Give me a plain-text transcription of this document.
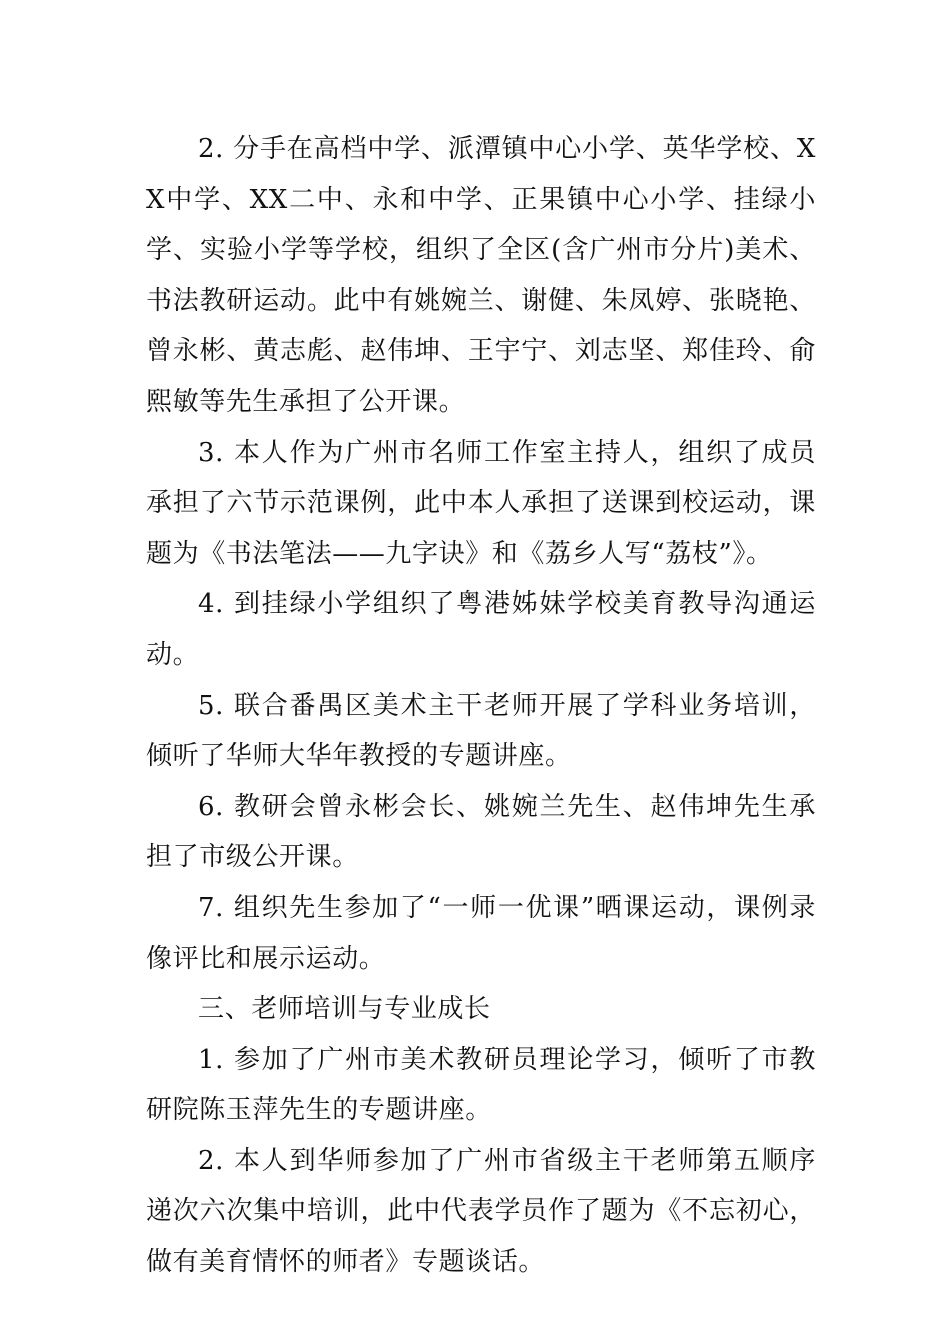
2. 分手在高档中学、派潭镇中心小学、英华学校、XX中学、XX二中、永和中学、正果镇中心小学、挂绿小学、实验小学等学校，组织了全区(含广州市分片)美术、书法教研运动。此中有姚婉兰、谢健、朱凤婷、张晓艳、曾永彬、黄志彪、赵伟坤、王宇宁、刘志坚、郑佳玲、俞熙敏等先生承担了公开课。

3. 本人作为广州市名师工作室主持人，组织了成员承担了六节示范课例，此中本人承担了送课到校运动，课题为《书法笔法——九字诀》和《荔乡人写“荔枝”》。

4. 到挂绿小学组织了粤港姊妹学校美育教导沟通运动。

5. 联合番禺区美术主干老师开展了学科业务培训，倾听了华师大华年教授的专题讲座。

6. 教研会曾永彬会长、姚婉兰先生、赵伟坤先生承担了市级公开课。

7. 组织先生参加了“一师一优课”晒课运动，课例录像评比和展示运动。

三、老师培训与专业成长

1. 参加了广州市美术教研员理论学习，倾听了市教研院陈玉萍先生的专题讲座。

2. 本人到华师参加了广州市省级主干老师第五顺序递次六次集中培训，此中代表学员作了题为《不忘初心，做有美育情怀的师者》专题谈话。
